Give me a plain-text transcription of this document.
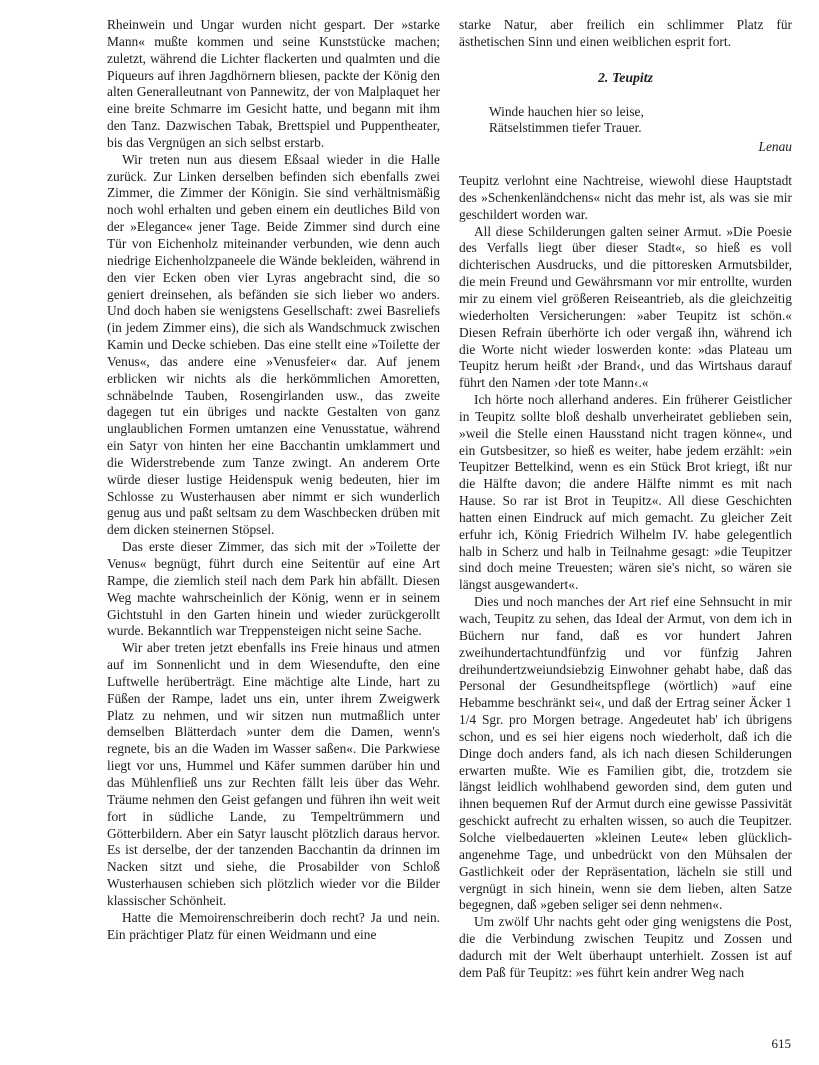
Rheinwein und Ungar wurden nicht gespart. Der »starke Mann« mußte kommen und seine Kunststücke machen; zuletzt, während die Lichter flackerten und qualmten und die Piqueurs auf ihren Jagdhörnern bliesen, packte der König den alten Generalleutnant von Pannewitz, der von Malplaquet her eine breite Schmarre im Gesicht hatte, und begann mit ihm den Tanz. Dazwischen Tabak, Brettspiel und Puppentheater, bis das Vergnügen an sich selbst erstarb.

Wir treten nun aus diesem Eßsaal wieder in die Halle zurück. Zur Linken derselben befinden sich ebenfalls zwei Zimmer, die Zimmer der Königin. Sie sind verhältnismäßig noch wohl erhalten und geben einem ein deutliches Bild von der »Elegance« jener Tage. Beide Zimmer sind durch eine Tür von Eichenholz miteinander verbunden, wie denn auch niedrige Eichenholzpaneele die Wände bekleiden, während in den vier Ecken oben vier Lyras angebracht sind, die so geniert dreinsehen, als befänden sie sich lieber wo anders. Und doch haben sie wenigstens Gesellschaft: zwei Basreliefs (in jedem Zimmer eins), die sich als Wandschmuck zwischen Kamin und Decke schieben. Das eine stellt eine »Toilette der Venus«, das andere eine »Venusfeier« dar. Auf jenem erblicken wir nichts als die herkömmlichen Amoretten, schnäbelnde Tauben, Rosengirlanden usw., das zweite dagegen tut ein übriges und nackte Gestalten von ganz unglaublichen Formen umtanzen eine Venusstatue, während ein Satyr von hinten her eine Bacchantin umklammert und die Widerstrebende zum Tanze zwingt. An anderem Orte würde dieser lustige Heidenspuk wenig bedeuten, hier im Schlosse zu Wusterhausen aber nimmt er sich wunderlich genug aus und paßt seltsam zu dem Waschbecken drüben mit dem dicken steinernen Stöpsel.

Das erste dieser Zimmer, das sich mit der »Toilette der Venus« begnügt, führt durch eine Seitentür auf eine Art Rampe, die ziemlich steil nach dem Park hin abfällt. Diesen Weg machte wahrscheinlich der König, wenn er in seinem Gichtstuhl in den Garten hinein und wieder zurückgerollt wurde. Bekanntlich war Treppensteigen nicht seine Sache.

Wir aber treten jetzt ebenfalls ins Freie hinaus und atmen auf im Sonnenlicht und in dem Wiesendufte, den eine Luftwelle herüberträgt. Eine mächtige alte Linde, hart zu Füßen der Rampe, ladet uns ein, unter ihrem Zweigwerk Platz zu nehmen, und wir sitzen nun mutmaßlich unter demselben Blätterdach »unter dem die Damen, wenn's regnete, bis an die Waden im Wasser saßen«. Die Parkwiese liegt vor uns, Hummel und Käfer summen darüber hin und das Mühlenfließ uns zur Rechten fällt leis über das Wehr. Träume nehmen den Geist gefangen und führen ihn weit weit fort in südliche Lande, zu Tempeltrümmern und Götterbildern. Aber ein Satyr lauscht plötzlich daraus hervor. Es ist derselbe, der der tanzenden Bacchantin da drinnen im Nacken sitzt und siehe, die Prosabilder von Schloß Wusterhausen schieben sich plötzlich wieder vor die Bilder klassischer Schönheit.

Hatte die Memoirenschreiberin doch recht? Ja und nein. Ein prächtiger Platz für einen Weidmann und eine

starke Natur, aber freilich ein schlimmer Platz für ästhetischen Sinn und einen weiblichen esprit fort.

2. Teupitz
Winde hauchen hier so leise,
Rätselstimmen tiefer Trauer.
Lenau

Teupitz verlohnt eine Nachtreise, wiewohl diese Hauptstadt des »Schenkenländchens« nicht das mehr ist, als was sie mir geschildert worden war.

All diese Schilderungen galten seiner Armut. »Die Poesie des Verfalls liegt über dieser Stadt«, so hieß es voll dichterischen Ausdrucks, und die pittoresken Armutsbilder, die mein Freund und Gewährsmann vor mir entrollte, wurden mir zu einem viel größeren Reiseantrieb, als die gleichzeitig wiederholten Versicherungen: »aber Teupitz ist schön.« Diesen Refrain überhörte ich oder vergaß ihn, während ich die Worte nicht wieder loswerden konte: »das Plateau um Teupitz herum heißt ›der Brand‹, und das Wirtshaus darauf führt den Namen ›der tote Mann‹.«

Ich hörte noch allerhand anderes. Ein früherer Geistlicher in Teupitz sollte bloß deshalb unverheiratet geblieben sein, »weil die Stelle einen Hausstand nicht tragen könne«, und ein Gutsbesitzer, so hieß es weiter, habe jedem erzählt: »ein Teupitzer Bettelkind, wenn es ein Stück Brot kriegt, ißt nur die Hälfte davon; die andere Hälfte nimmt es mit nach Hause. So rar ist Brot in Teupitz«. All diese Geschichten hatten einen Eindruck auf mich gemacht. Zu gleicher Zeit erfuhr ich, König Friedrich Wilhelm IV. habe gelegentlich halb in Scherz und halb in Teilnahme gesagt: »die Teupitzer sind doch meine Treuesten; wären sie's nicht, so wären sie längst ausgewandert«.

Dies und noch manches der Art rief eine Sehnsucht in mir wach, Teupitz zu sehen, das Ideal der Armut, von dem ich in Büchern nur fand, daß es vor hundert Jahren zweihundertachtundfünfzig und vor fünfzig Jahren dreihundertzweiundsiebzig Einwohner gehabt habe, daß das Personal der Gesundheitspflege (wörtlich) »auf eine Hebamme beschränkt sei«, und daß der Ertrag seiner Äcker 1 1/4 Sgr. pro Morgen betrage. Angedeutet hab' ich übrigens schon, und es sei hier eigens noch wiederholt, daß ich die Dinge doch anders fand, als ich nach diesen Schilderungen erwarten mußte. Wie es Familien gibt, die, trotzdem sie längst leidlich wohlhabend geworden sind, dem guten und ihnen bequemen Ruf der Armut durch eine gewisse Passivität geschickt aufrecht zu erhalten wissen, so auch die Teupitzer. Solche vielbedauerten »kleinen Leute« leben glücklich-angenehme Tage, und unbedrückt von den Mühsalen der Gastlichkeit oder der Repräsentation, lächeln sie still und vergnügt in sich hinein, wenn sie dem lieben, alten Satze begegnen, daß »geben seliger sei denn nehmen«.

Um zwölf Uhr nachts geht oder ging wenigstens die Post, die die Verbindung zwischen Teupitz und Zossen und dadurch mit der Welt überhaupt unterhielt. Zossen ist auf dem Paß für Teupitz: »es führt kein andrer Weg nach

615
